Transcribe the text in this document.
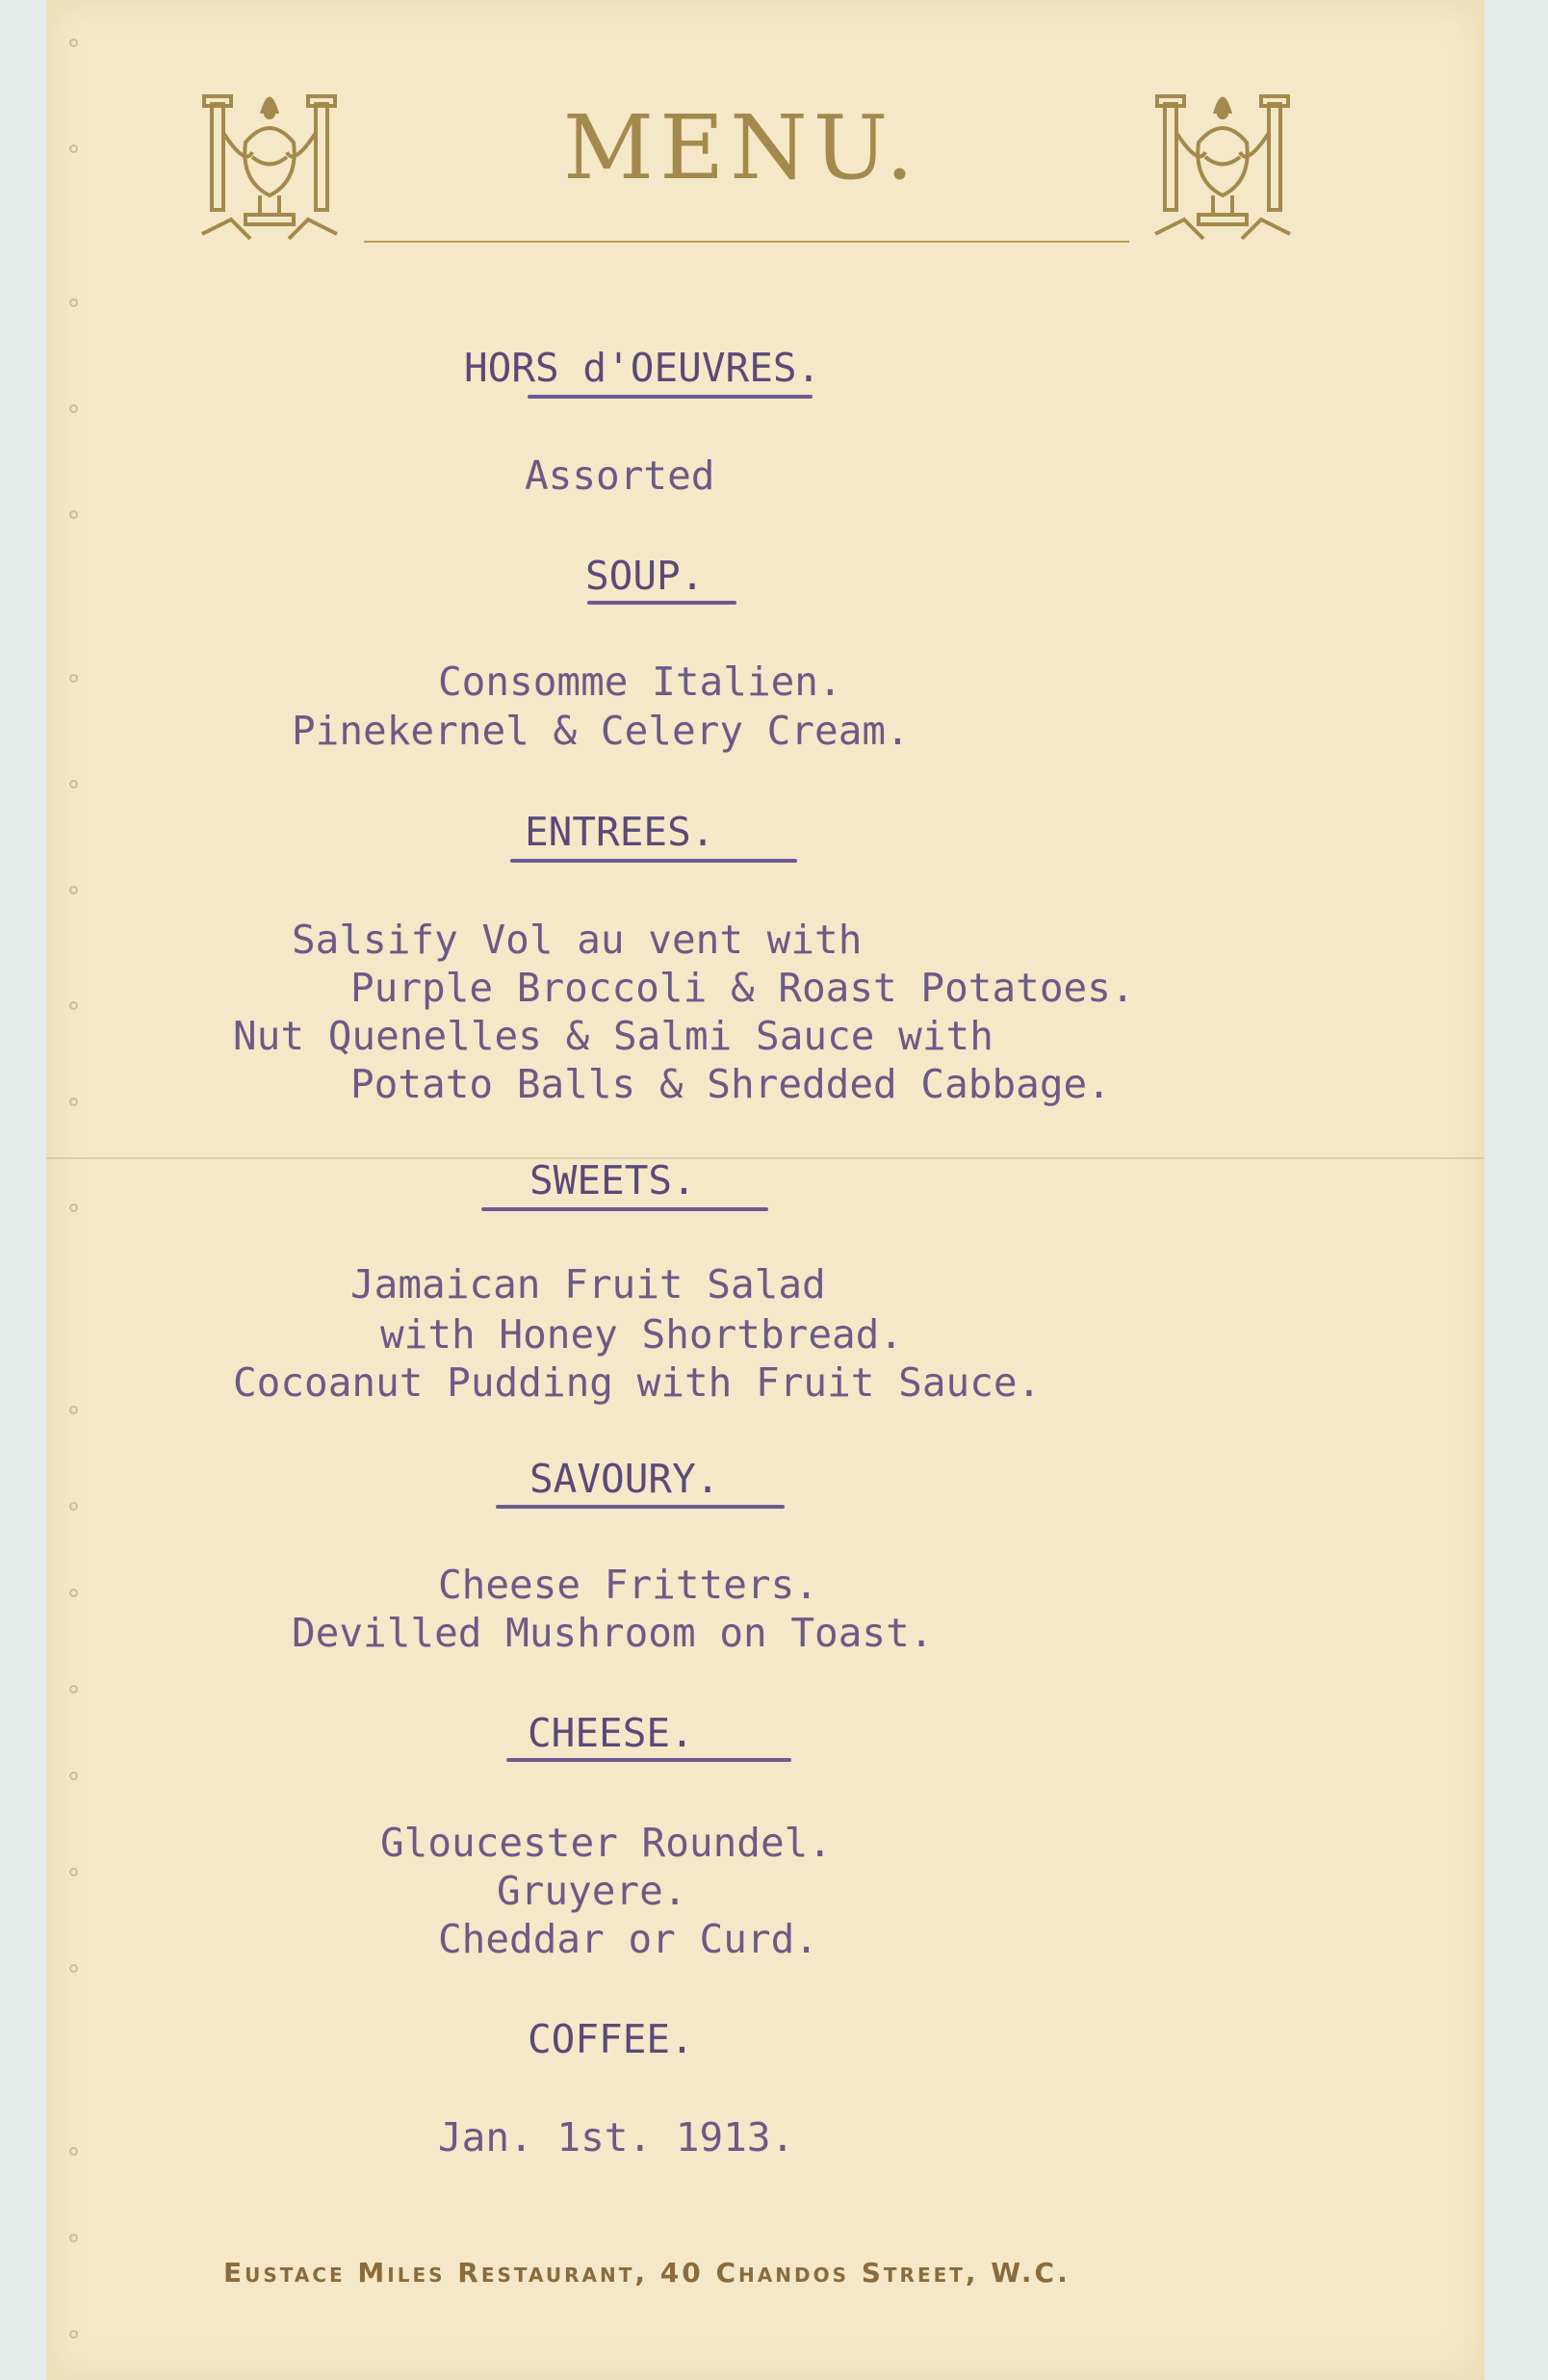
MENU.
HORS d'OEUVRES.
Assorted
SOUP.
Consomme Italien.
Pinekernel & Celery Cream.
ENTREES.
Salsify Vol au vent with
Purple Broccoli & Roast Potatoes.
Nut Quenelles & Salmi Sauce with
Potato Balls & Shredded Cabbage.
SWEETS.
Jamaican Fruit Salad
with Honey Shortbread.
Cocoanut Pudding with Fruit Sauce.
SAVOURY.
Cheese Fritters.
Devilled Mushroom on Toast.
CHEESE.
Gloucester Roundel.
Gruyere.
Cheddar or Curd.
COFFEE.
Jan. 1st. 1913.
Eustace Miles Restaurant, 40 Chandos Street, W.C.
